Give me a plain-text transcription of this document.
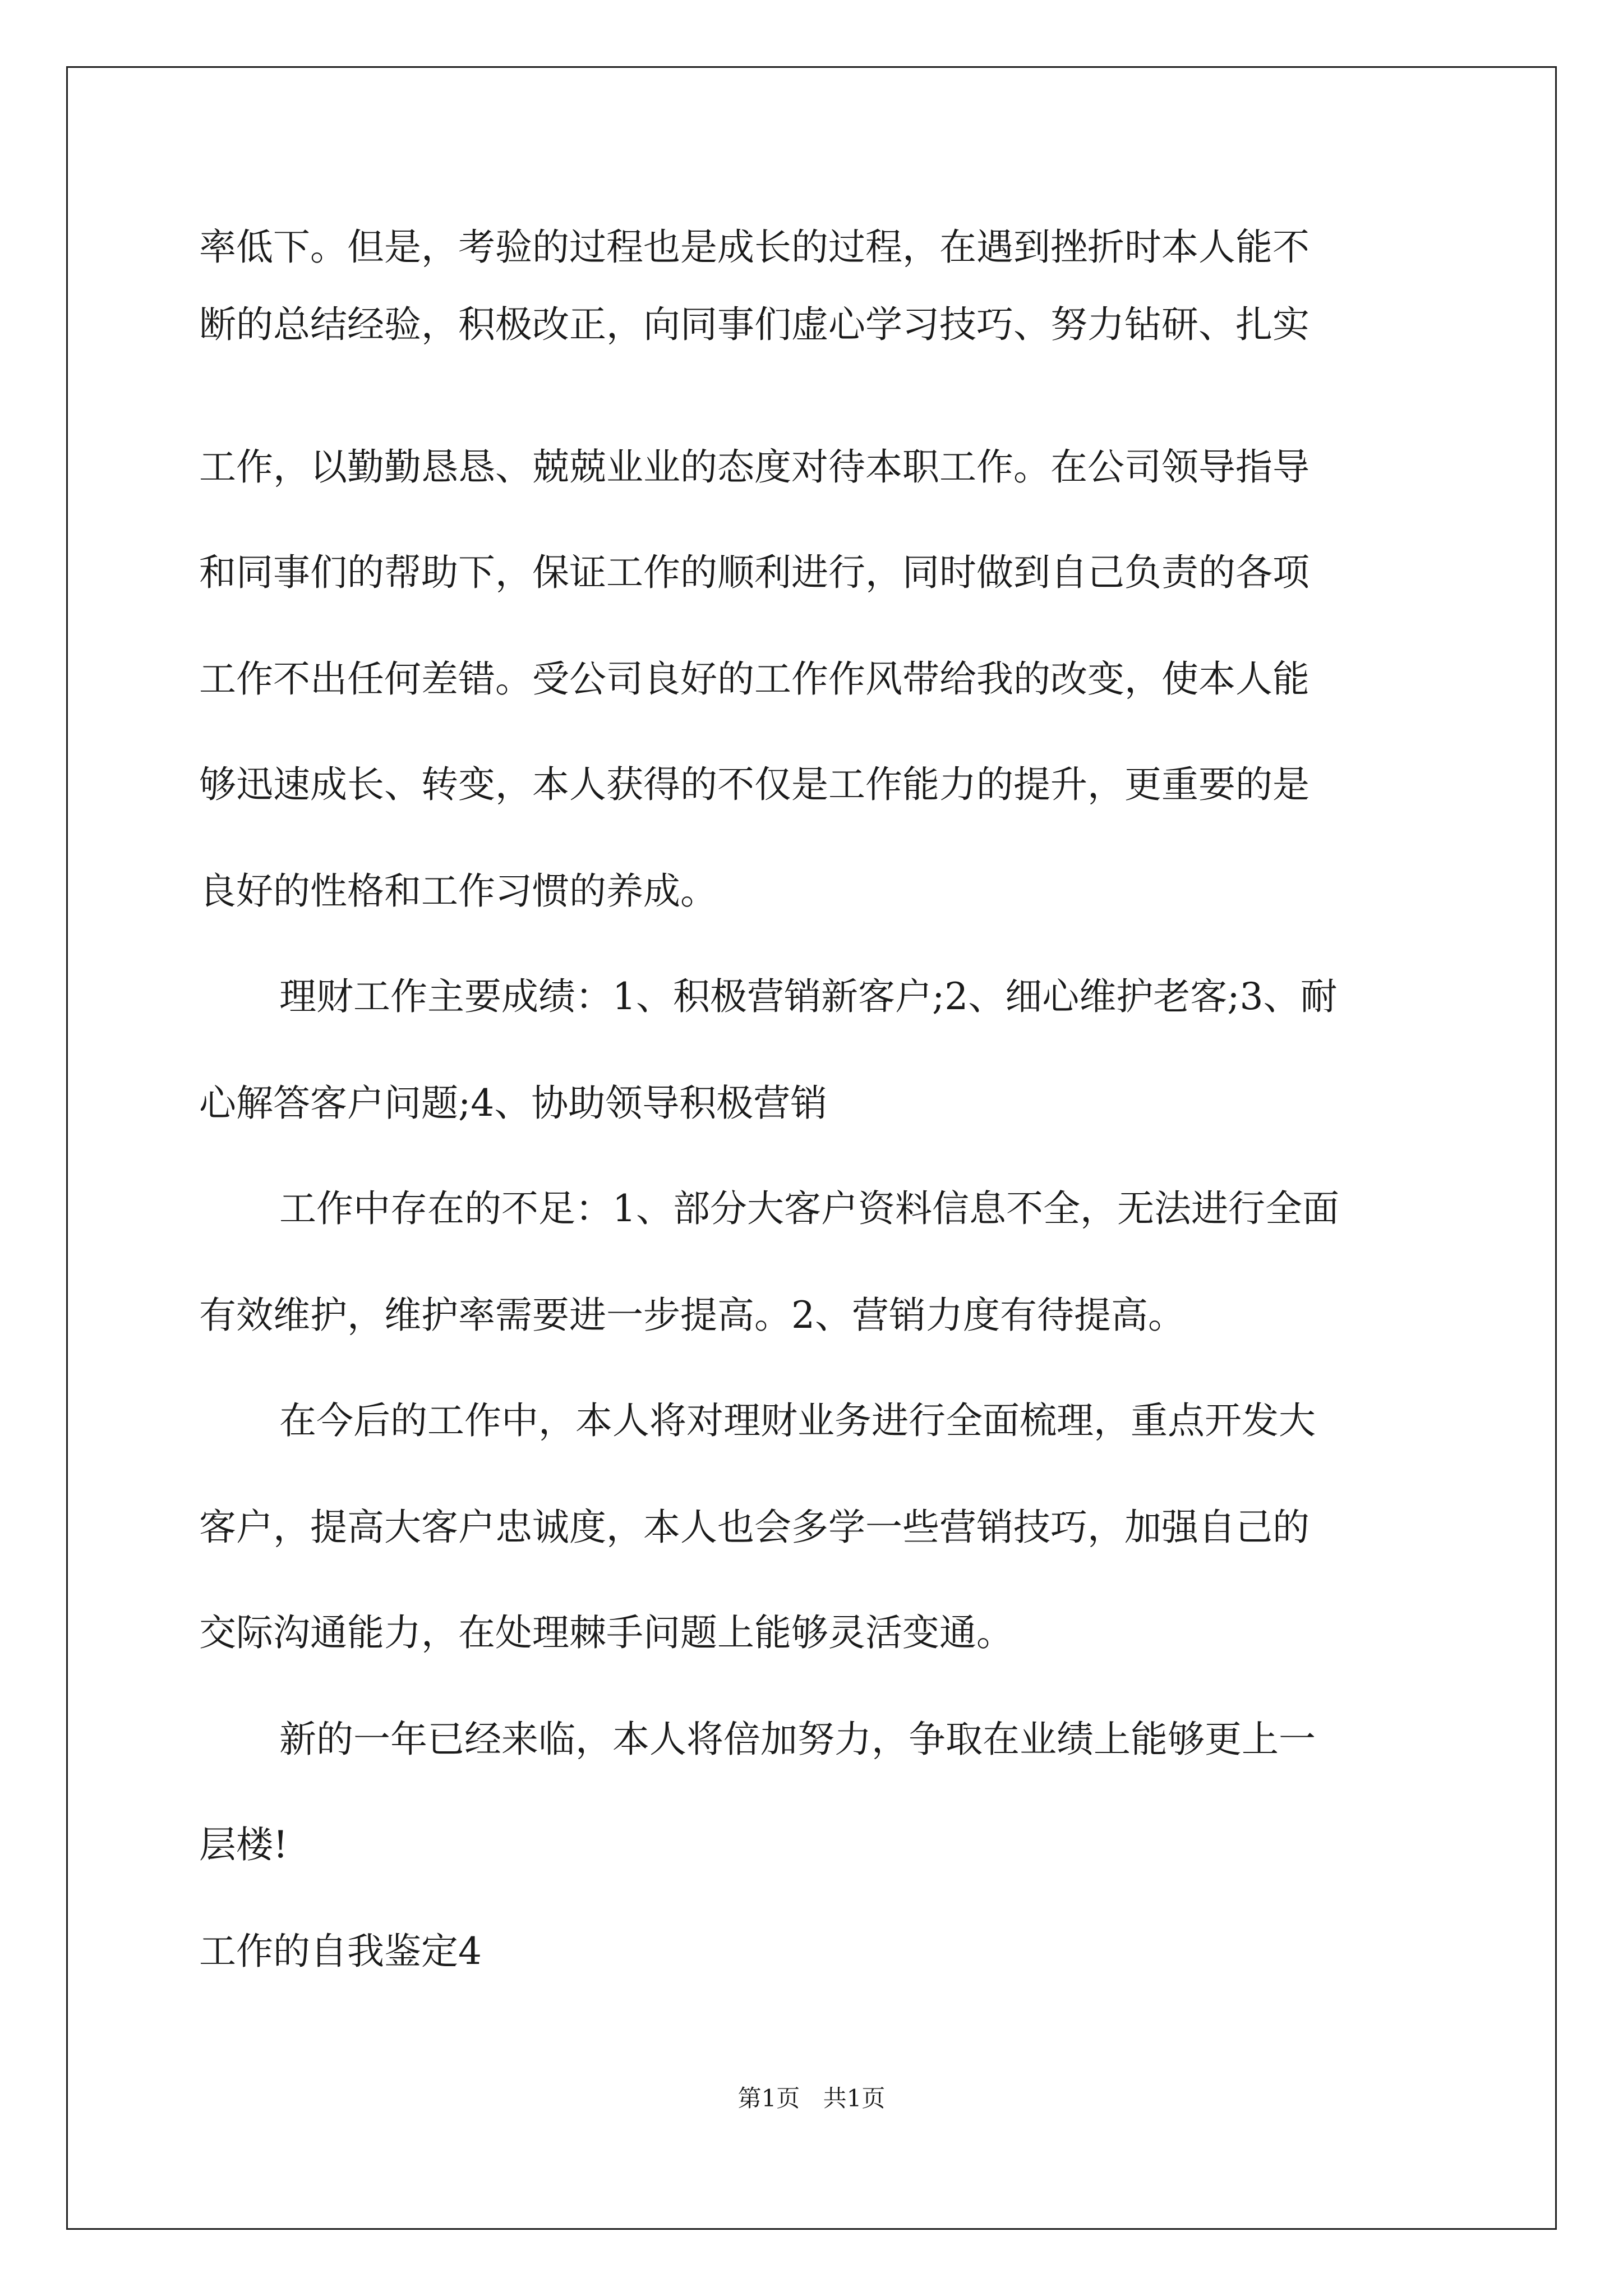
率低下。但是，考验的过程也是成长的过程，在遇到挫折时本人能不
断的总结经验，积极改正，向同事们虚心学习技巧、努力钻研、扎实
工作，以勤勤恳恳、兢兢业业的态度对待本职工作。在公司领导指导
和同事们的帮助下，保证工作的顺利进行，同时做到自己负责的各项
工作不出任何差错。受公司良好的工作作风带给我的改变，使本人能
够迅速成长、转变，本人获得的不仅是工作能力的提升，更重要的是
良好的性格和工作习惯的养成。
理财工作主要成绩：1、积极营销新客户;2、细心维护老客;3、耐
心解答客户问题;4、协助领导积极营销
工作中存在的不足：1、部分大客户资料信息不全，无法进行全面
有效维护，维护率需要进一步提高。2、营销力度有待提高。
在今后的工作中，本人将对理财业务进行全面梳理，重点开发大
客户，提高大客户忠诚度，本人也会多学一些营销技巧，加强自己的
交际沟通能力，在处理棘手问题上能够灵活变通。
新的一年已经来临，本人将倍加努力，争取在业绩上能够更上一
层楼!
工作的自我鉴定4
第1页 共1页
